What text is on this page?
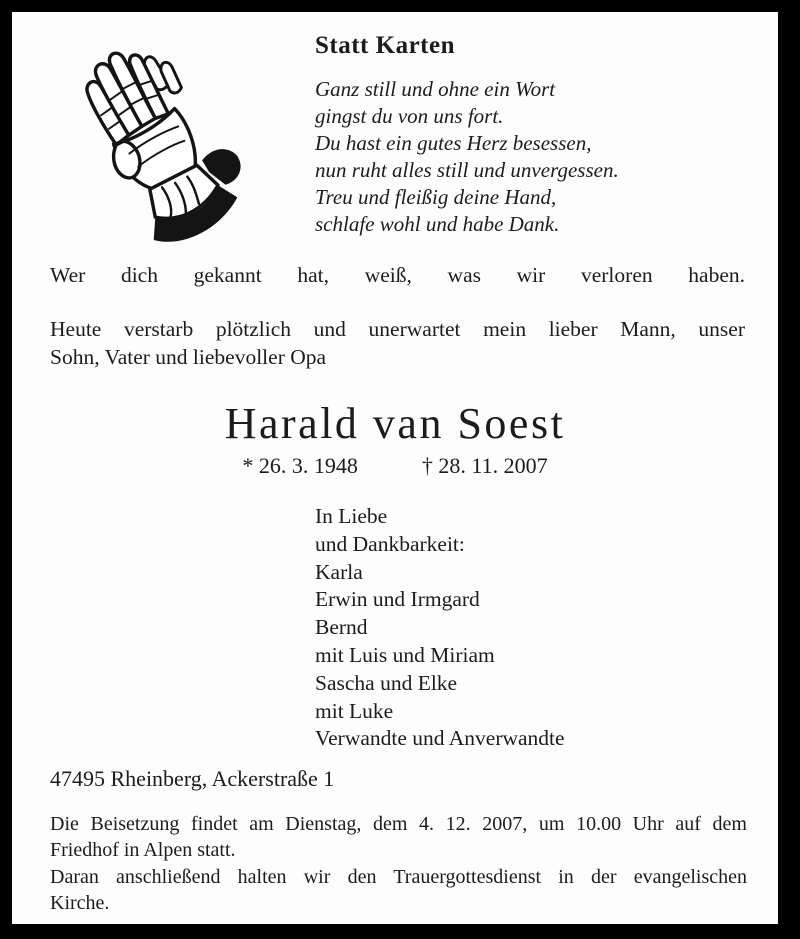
Statt Karten
Ganz still und ohne ein Wort
gingst du von uns fort.
Du hast ein gutes Herz besessen,
nun ruht alles still und unvergessen.
Treu und fleißig deine Hand,
schlafe wohl und habe Dank.
Wer dich gekannt hat, weiß, was wir verloren haben.
Heute verstarb plötzlich und unerwartet mein lieber Mann, unser
Sohn, Vater und liebevoller Opa
Harald van Soest
* 26. 3. 1948	† 28. 11. 2007
In Liebe
und Dankbarkeit:
Karla
Erwin und Irmgard
Bernd
mit Luis und Miriam
Sascha und Elke
mit Luke
Verwandte und Anverwandte
47495 Rheinberg, Ackerstraße 1
Die Beisetzung findet am Dienstag, dem 4. 12. 2007, um 10.00 Uhr auf dem
Friedhof in Alpen statt.
Daran anschließend halten wir den Trauergottesdienst in der evangelischen
Kirche.
